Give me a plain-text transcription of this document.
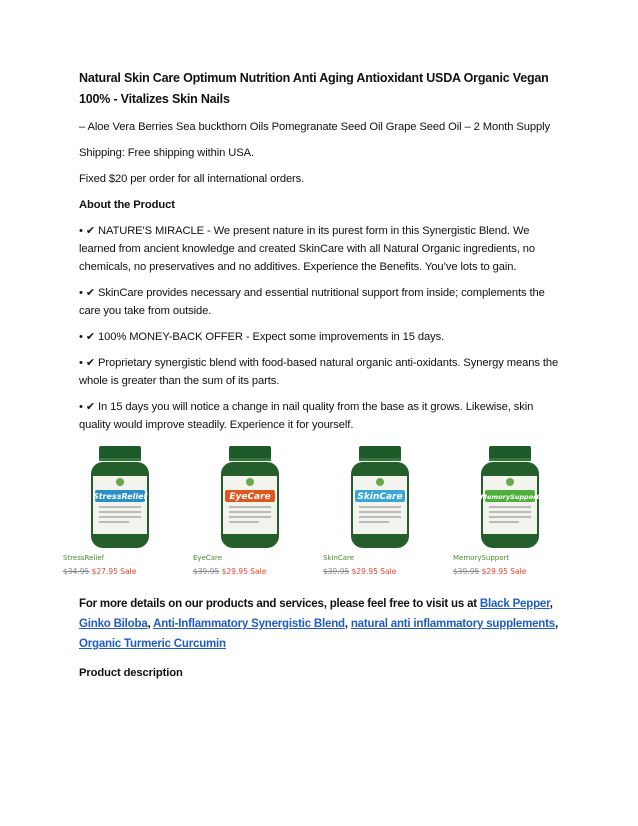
Natural Skin Care Optimum Nutrition Anti Aging Antioxidant USDA Organic Vegan 100% - Vitalizes Skin Nails

– Aloe Vera Berries Sea buckthorn Oils Pomegranate Seed Oil Grape Seed Oil – 2 Month Supply

Shipping: Free shipping within USA.

Fixed $20 per order for all international orders.

About the Product

• ✔ NATURE'S MIRACLE - We present nature in its purest form in this Synergistic Blend. We learned from ancient knowledge and created SkinCare with all Natural Organic ingredients, no chemicals, no preservatives and no additives. Experience the Benefits. You’ve lots to gain.

• ✔ SkinCare provides necessary and essential nutritional support from inside; complements the care you take from outside.

• ✔ 100% MONEY-BACK OFFER - Expect some improvements in 15 days.

• ✔ Proprietary synergistic blend with food-based natural organic anti-oxidants. Synergy means the whole is greater than the sum of its parts.

• ✔ In 15 days you will notice a change in nail quality from the base as it grows. Likewise, skin quality would improve steadily. Experience it for yourself.

StressRelief
StressRelief
$34.95 $27.95 Sale
EyeCare
EyeCare
$39.95 $29.95 Sale
SkinCare
SkinCare
$39.95 $29.95 Sale
MemorySupport
MemorySupport
$39.95 $29.95 Sale

For more details on our products and services, please feel free to visit us at Black Pepper, Ginko Biloba, Anti-Inflammatory Synergistic Blend, natural anti inflammatory supplements, Organic Turmeric Curcumin

Product description
